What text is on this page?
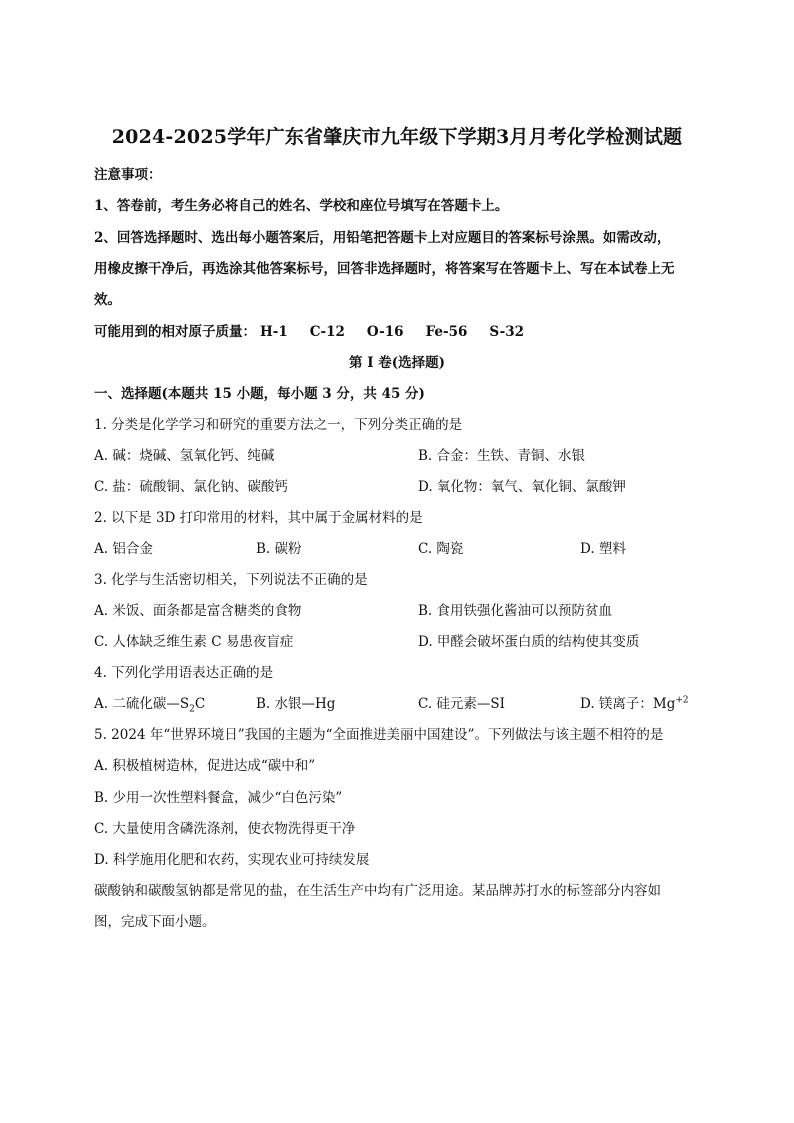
2024-2025学年广东省肇庆市九年级下学期3月月考化学检测试题
注意事项：
1、答卷前，考生务必将自己的姓名、学校和座位号填写在答题卡上。
2、回答选择题时、选出每小题答案后，用铅笔把答题卡上对应题目的答案标号涂黑。如需改动，
用橡皮擦干净后，再选涂其他答案标号，回答非选择题时，将答案写在答题卡上、写在本试卷上无
效。
可能用到的相对原子质量： H-1 C-12 O-16 Fe-56 S-32
第 I 卷(选择题)
一、选择题(本题共 15 小题，每小题 3 分，共 45 分)
1. 分类是化学学习和研究的重要方法之一，下列分类正确的是
A. 碱：烧碱、氢氧化钙、纯碱	B. 合金：生铁、青铜、水银
C. 盐：硫酸铜、氯化钠、碳酸钙	D. 氧化物：氧气、氧化铜、氯酸钾
2. 以下是 3D 打印常用的材料，其中属于金属材料的是
A. 铝合金	B. 碳粉	C. 陶瓷	D. 塑料
3. 化学与生活密切相关，下列说法不正确的是
A. 米饭、面条都是富含糖类的食物	B. 食用铁强化酱油可以预防贫血
C. 人体缺乏维生素 C 易患夜盲症	D. 甲醛会破坏蛋白质的结构使其变质
4. 下列化学用语表达正确的是
A. 二硫化碳$—S_2C$	B. 水银—Hg	C. 硅元素—SI	D. 镁离子：$Mg^{+2}$
5. 2024 年“世界环境日”我国的主题为“全面推进美丽中国建设”。下列做法与该主题不相符的是
A. 积极植树造林，促进达成“碳中和”
B. 少用一次性塑料餐盒，减少“白色污染”
C. 大量使用含磷洗涤剂，使衣物洗得更干净
D. 科学施用化肥和农药，实现农业可持续发展
碳酸钠和碳酸氢钠都是常见的盐，在生活生产中均有广泛用途。某品牌苏打水的标签部分内容如
图，完成下面小题。
